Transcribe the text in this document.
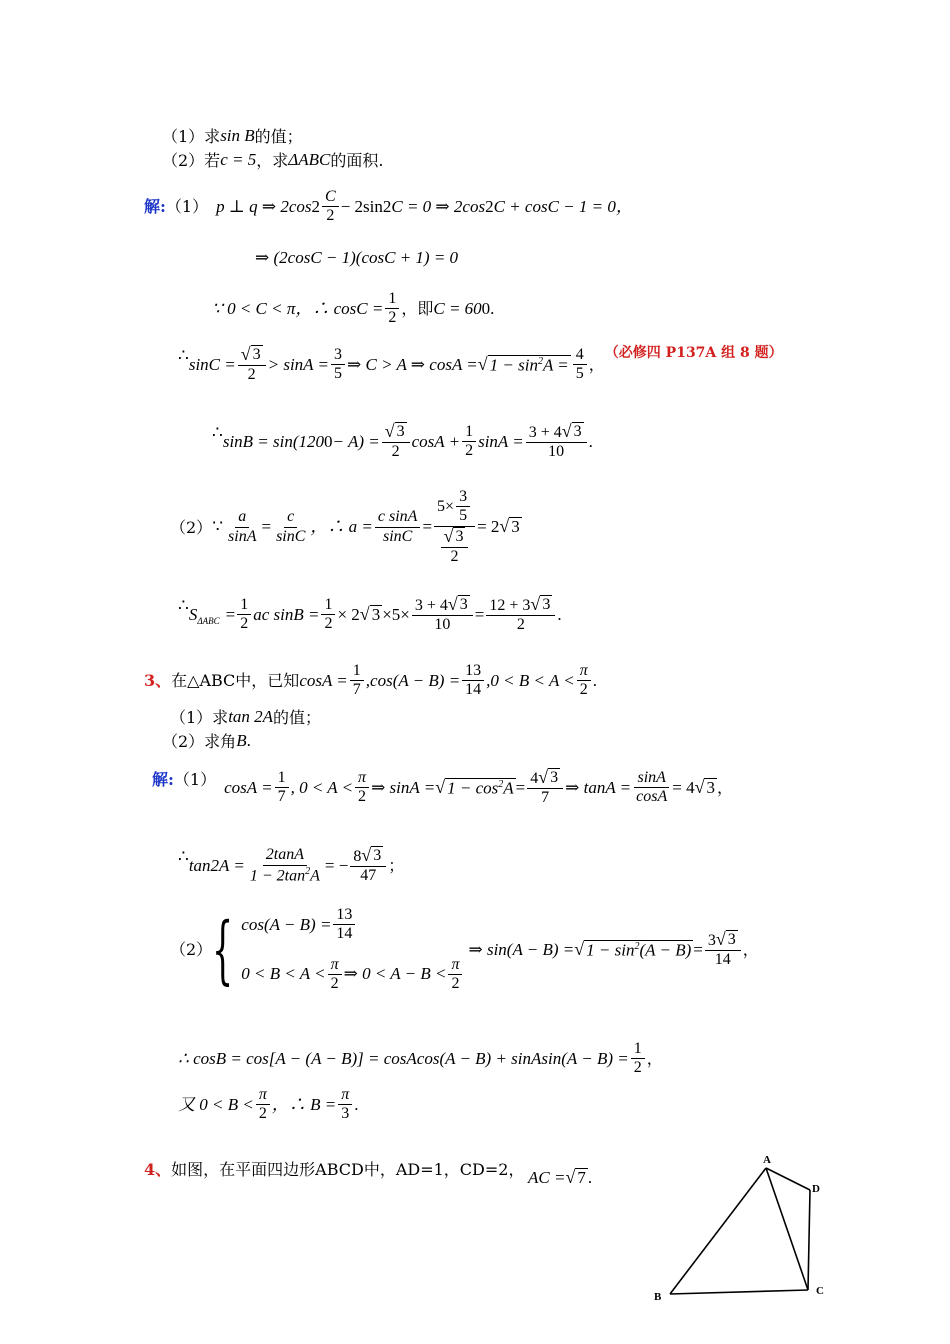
（1）求 sin B 的值；
（2）若 c = 5 ，求 ΔABC 的面积.
解: （1） p ⊥ q ⇒ 2cos $2 \frac{C}{2} - 2\sin$ 2 C = 0 ⇒ 2cos 2 C + cosC − 1 = 0，
⇒ (2cosC − 1)(cosC + 1) = 0
∵ 0 < C < π，∴ $\cos C = \frac{1}{2}$ ，即 C = 60 0 .
∴ $\sin C = \frac{√ 3}{2} > \sin A = \frac{3}{5}$ ⇒ C > A ⇒ cosA = √ $1 - \sin^2A = \frac{4}{5}$ ，
（必修四 P137A 组 8 题）
∴ sinB = sin(120 $0 - A) = \frac{√ 3}{2}$ $\cos A + \frac{1}{2}$ $\sin A = \frac{3 + 4 √ 3}{10}$ .
（2） ∵ $\frac{a}{\sin A} = \frac{c}{\sin C}$ ，∴ $a = \frac{\text{c sinA}}{\sin C} = \frac{5\times \frac{3}{5}}{\frac{√ 3}{2}} = 2$ √ 3
∴ $S_{\Delta ABC} = \frac{1}{2}$ ac $\sin B = \frac{1}{2} \times 2$ √ $3 \times 5\times \frac{3 + 4 √ 3}{10} = \frac{12 + 3 √ 3}{2}$ .
3、 在△ABC中，已知 $\cos A = \frac{1}{7} ,\cos(A - B) = \frac{13}{14} ,0 < B < A < \frac{\pi}{2}$ .
（1）求 tan 2A 的值；
（2）求角 B .
解: （1） $\cos A = \frac{1}{7}$ , $0 < A < \frac{\pi}{2}$ ⇒ sinA = √ $1 - \cos^2A = \frac{4 √ 3}{7}$ ⇒ $\tan A = \frac{\sin A}{\cos A} = 4$ √ 3 ，
∴ $\tan 2A = \frac{2\tan A}{1 - 2\tan^2A}$ = − $\frac{8 √ 3}{47}$ ；
（2） { $\cos(A - B) = \frac{13}{14}$
$0 < B < A < \frac{\pi}{2}$ ⇒ $0 < A - B < \frac{\pi}{2}$
⇒ sin(A − B) = √ $1 - \sin^2(A - B) = \frac{3 √ 3}{14}$ ，
∴ cosB = cos[A − (A − B)] = cosAcos(A − B) + sinAsin(A − $B) = \frac{1}{2}$ ，
又 $0 < B < \frac{\pi}{2}$ ，∴ $B = \frac{\pi}{3}$ .
4、 如图，在平面四边形ABCD中，AD=1，CD=2， AC = √ 7 .
A
B	C
D
